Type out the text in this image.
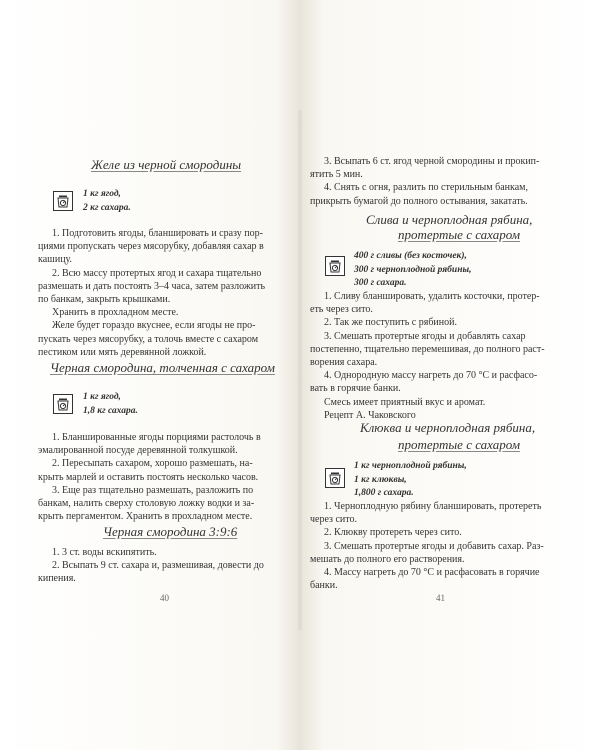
Желе из черной смородины
1 кг ягод,
2 кг сахара.

1. Подготовить ягоды, бланшировать и сразу пор-

циями пропускать через мясорубку, добавляя сахар в

кашицу.

2. Всю массу протертых ягод и сахара тщательно

размешать и дать постоять 3–4 часа, затем разложить

по банкам, закрыть крышками.

Хранить в прохладном месте.

Желе будет гораздо вкуснее, если ягоды не про-

пускать через мясорубку, а толочь вместе с сахаром

пестиком или мять деревянной ложкой.

Черная смородина, толченная с сахаром
1 кг ягод,
1,8 кг сахара.

1. Бланшированные ягоды порциями растолочь в

эмалированной посуде деревянной толкушкой.

2. Пересыпать сахаром, хорошо размешать, на-

крыть марлей и оставить постоять несколько часов.

3. Еще раз тщательно размешать, разложить по

банкам, налить сверху столовую ложку водки и за-

крыть пергаментом. Хранить в прохладном месте.

Черная смородина 3:9:6

1. 3 ст. воды вскипятить.

2. Всыпать 9 ст. сахара и, размешивая, довести до

кипения.

40

3. Всыпать 6 ст. ягод черной смородины и прокип-

ятить 5 мин.

4. Снять с огня, разлить по стерильным банкам,

прикрыть бумагой до полного остывания, закатать.

Слива и черноплодная рябина,
протертые с сахаром
400 г сливы (без косточек),
300 г черноплодной рябины,
300 г сахара.

1. Сливу бланшировать, удалить косточки, протер-

еть через сито.

2. Так же поступить с рябиной.

3. Смешать протертые ягоды и добавлять сахар

постепенно, тщательно перемешивая, до полного раст-

ворения сахара.

4. Однородную массу нагреть до 70 °С и расфасо-

вать в горячие банки.

Смесь имеет приятный вкус и аромат.

Рецепт А. Чаковского

Клюква и черноплодная рябина,
протертые с сахаром
1 кг черноплодной рябины,
1 кг клюквы,
1,800 г сахара.

1. Черноплодную рябину бланшировать, протереть

через сито.

2. Клюкву протереть через сито.

3. Смешать протертые ягоды и добавить сахар. Раз-

мешать до полного его растворения.

4. Массу нагреть до 70 °С и расфасовать в горячие

банки.

41
